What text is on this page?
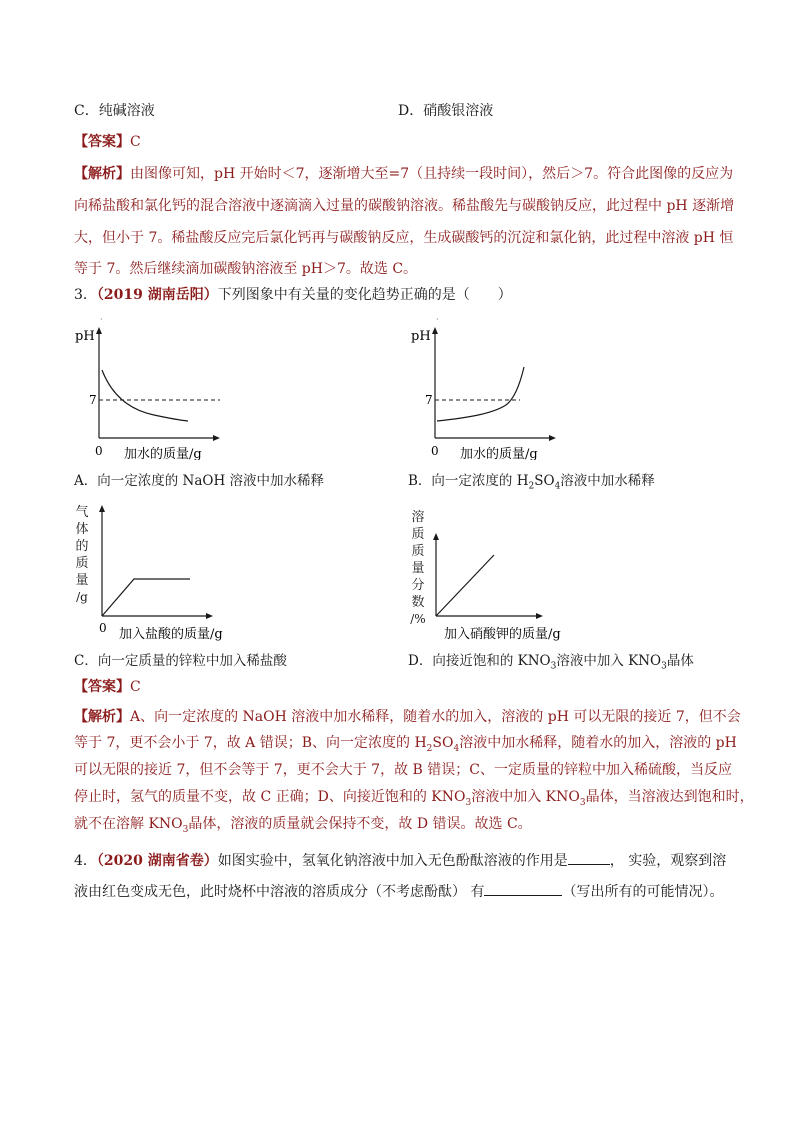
C．纯碱溶液	D．硝酸银溶液
【答案】C
【解析】由图像可知，pH 开始时＜7，逐渐增大至=7（且持续一段时间），然后＞7。符合此图像的反应为
向稀盐酸和氯化钙的混合溶液中逐滴滴入过量的碳酸钠溶液。稀盐酸先与碳酸钠反应，此过程中 pH 逐渐增
大，但小于 7。稀盐酸反应完后氯化钙再与碳酸钠反应，生成碳酸钙的沉淀和氯化钠，此过程中溶液 pH 恒
等于 7。然后继续滴加碳酸钠溶液至 pH＞7。故选 C。
3．（2019 湖南岳阳）下列图象中有关量的变化趋势正确的是（　　）
·
pH
7
0 加水的质量/g
·
pH
7
0 加水的质量/g
A．向一定浓度的 NaOH 溶液中加水稀释	B．向一定浓度的 $H_2SO_4$溶液中加水稀释
气
体
的
质
量
/g
0 加入盐酸的质量/g
溶
质
质
量
分
数
/%
加入硝酸钾的质量/g
C．向一定质量的锌粒中加入稀盐酸	D．向接近饱和的 $KNO_3$溶液中加入 $KNO_3$晶体
【答案】C
【解析】A、向一定浓度的 NaOH 溶液中加水稀释，随着水的加入，溶液的 pH 可以无限的接近 7，但不会
等于 7，更不会小于 7，故 A 错误；B、向一定浓度的 $H_2SO_4$溶液中加水稀释，随着水的加入，溶液的 pH
可以无限的接近 7，但不会等于 7，更不会大于 7，故 B 错误；C、一定质量的锌粒中加入稀硫酸，当反应
停止时，氢气的质量不变，故 C 正确；D、向接近饱和的 $KNO_3$溶液中加入 $KNO_3$晶体，当溶液达到饱和时，
就不在溶解 $KNO_3$晶体，溶液的质量就会保持不变，故 D 错误。故选 C。
4．（2020 湖南省卷）如图实验中，氢氧化钠溶液中加入无色酚酞溶液的作用是	， 实验，观察到溶
液由红色变成无色，此时烧杯中溶液的溶质成分（不考虑酚酞） 有	（写出所有的可能情况）。
